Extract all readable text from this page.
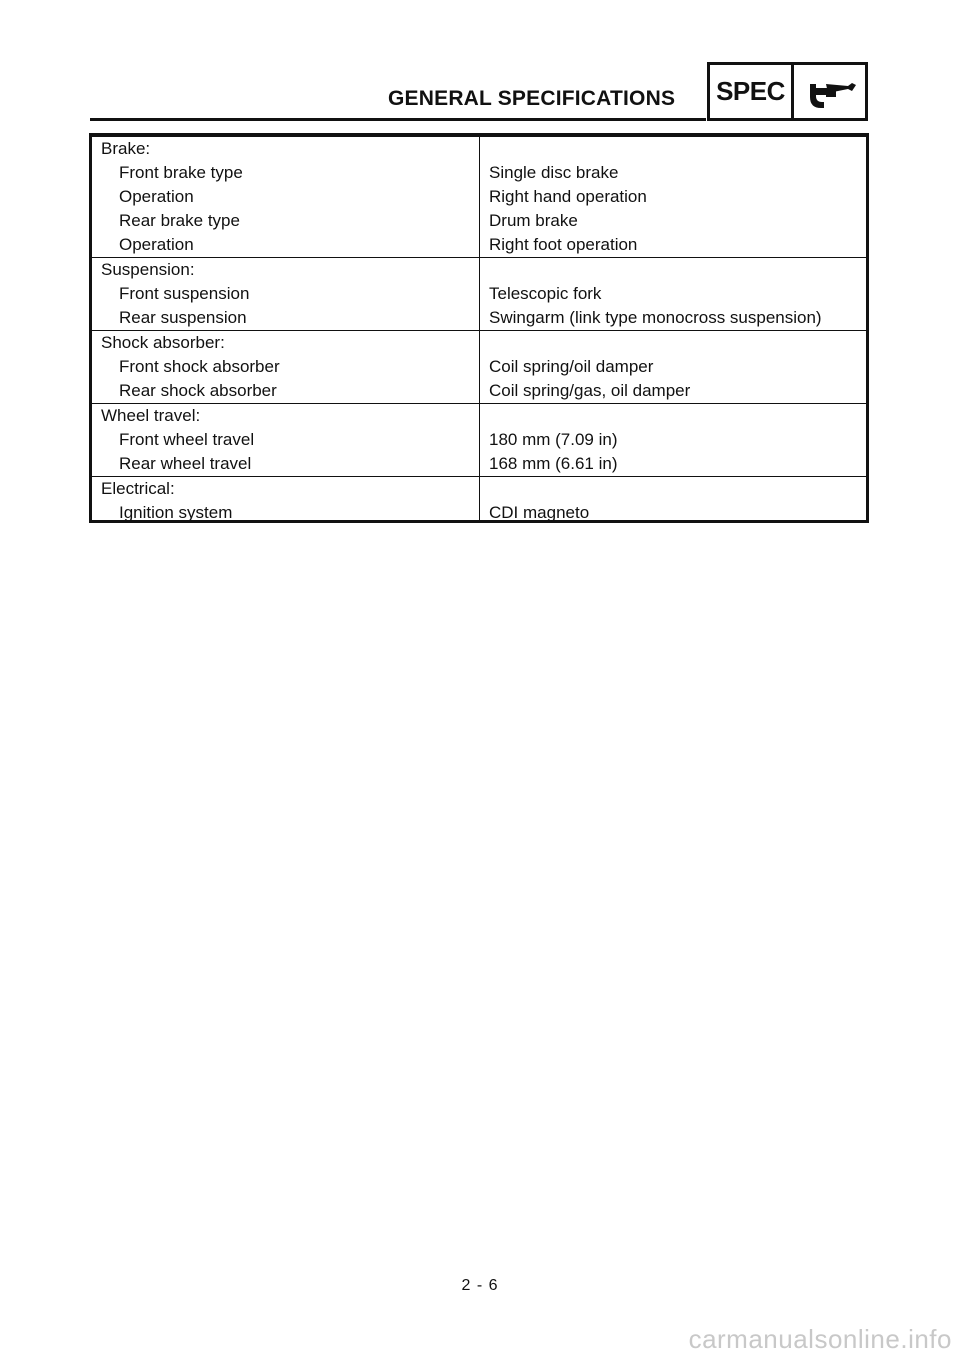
GENERAL SPECIFICATIONS SPEC
Brake:
Front brake type	Single disc brake
Operation	Right hand operation
Rear brake type	Drum brake
Operation	Right foot operation
Suspension:
Front suspension	Telescopic fork
Rear suspension	Swingarm (link type monocross suspension)
Shock absorber:
Front shock absorber	Coil spring/oil damper
Rear shock absorber	Coil spring/gas, oil damper
Wheel travel:
Front wheel travel	180 mm (7.09 in)
Rear wheel travel	168 mm (6.61 in)
Electrical:
Ignition system	CDI magneto
2 - 6
carmanualsonline.info
